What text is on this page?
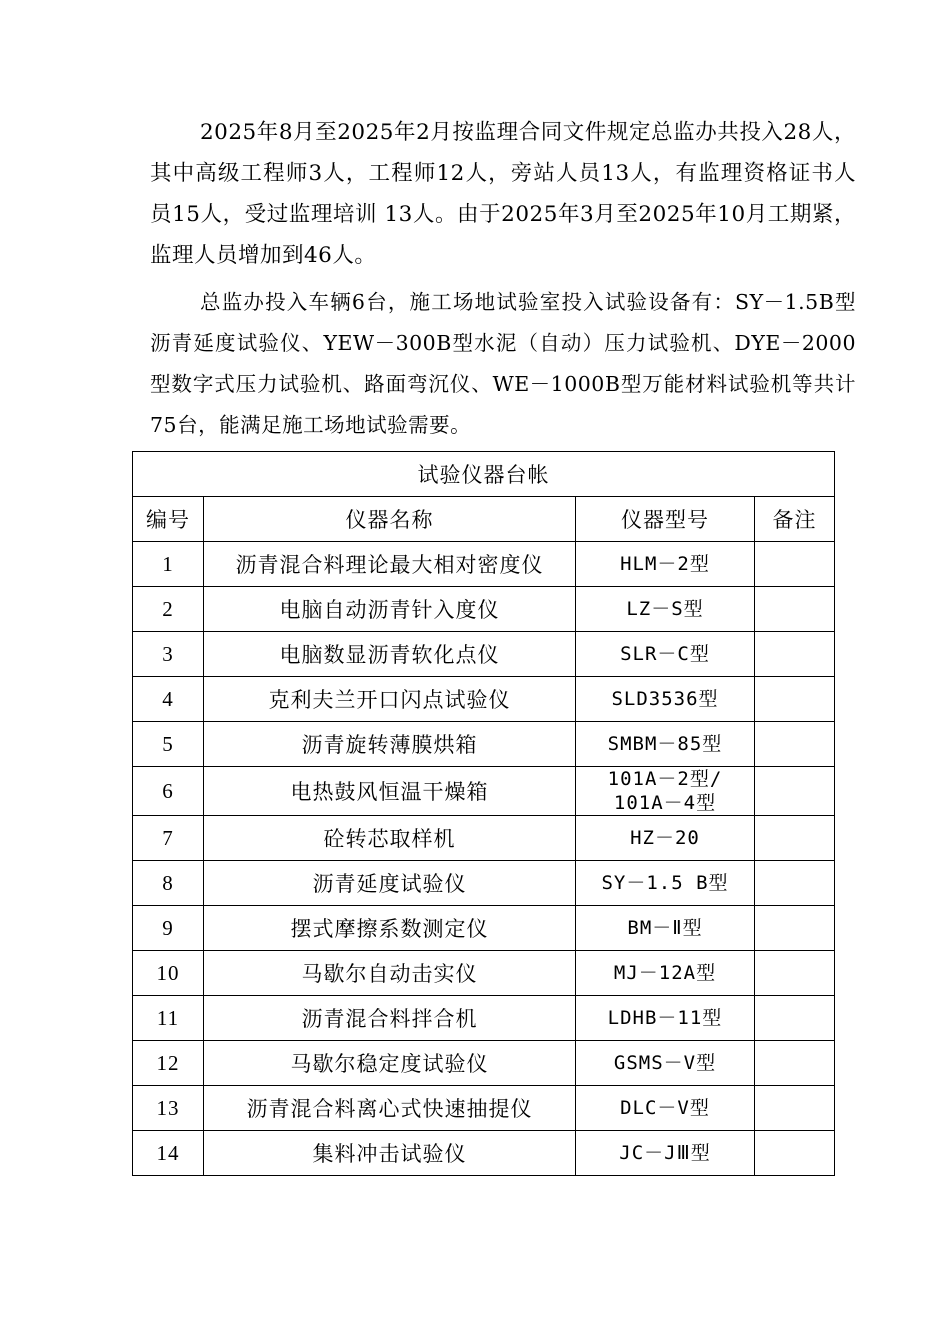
2025年8月至2025年2月按监理合同文件规定总监办共投入28人，其中高级工程师3人，工程师12人，旁站人员13人，有监理资格证书人员15人，受过监理培训 13人。由于2025年3月至2025年10月工期紧，监理人员增加到46人。
总监办投入车辆6台，施工场地试验室投入试验设备有：SY－1.5B型沥青延度试验仪、YEW－300B型水泥（自动）压力试验机、DYE－2000型数字式压力试验机、路面弯沉仪、WE－1000B型万能材料试验机等共计75台，能满足施工场地试验需要。
试验仪器台帐			
编号	仪器名称	仪器型号	备注
1	沥青混合料理论最大相对密度仪	HLM－2型	
2	电脑自动沥青针入度仪	LZ－S型	
3	电脑数显沥青软化点仪	SLR－C型	
4	克利夫兰开口闪点试验仪	SLD3536型	
5	沥青旋转薄膜烘箱	SMBM－85型	
6	电热鼓风恒温干燥箱	101A－2型/
101A－4型	
7	砼转芯取样机	HZ－20	
8	沥青延度试验仪	SY－1.5 B型	
9	摆式摩擦系数测定仪	BM－Ⅱ型	
10	马歇尔自动击实仪	MJ－12A型	
11	沥青混合料拌合机	LDHB－11型	
12	马歇尔稳定度试验仪	GSMS－V型	
13	沥青混合料离心式快速抽提仪	DLC－V型	
14	集料冲击试验仪	JC－JⅢ型	
